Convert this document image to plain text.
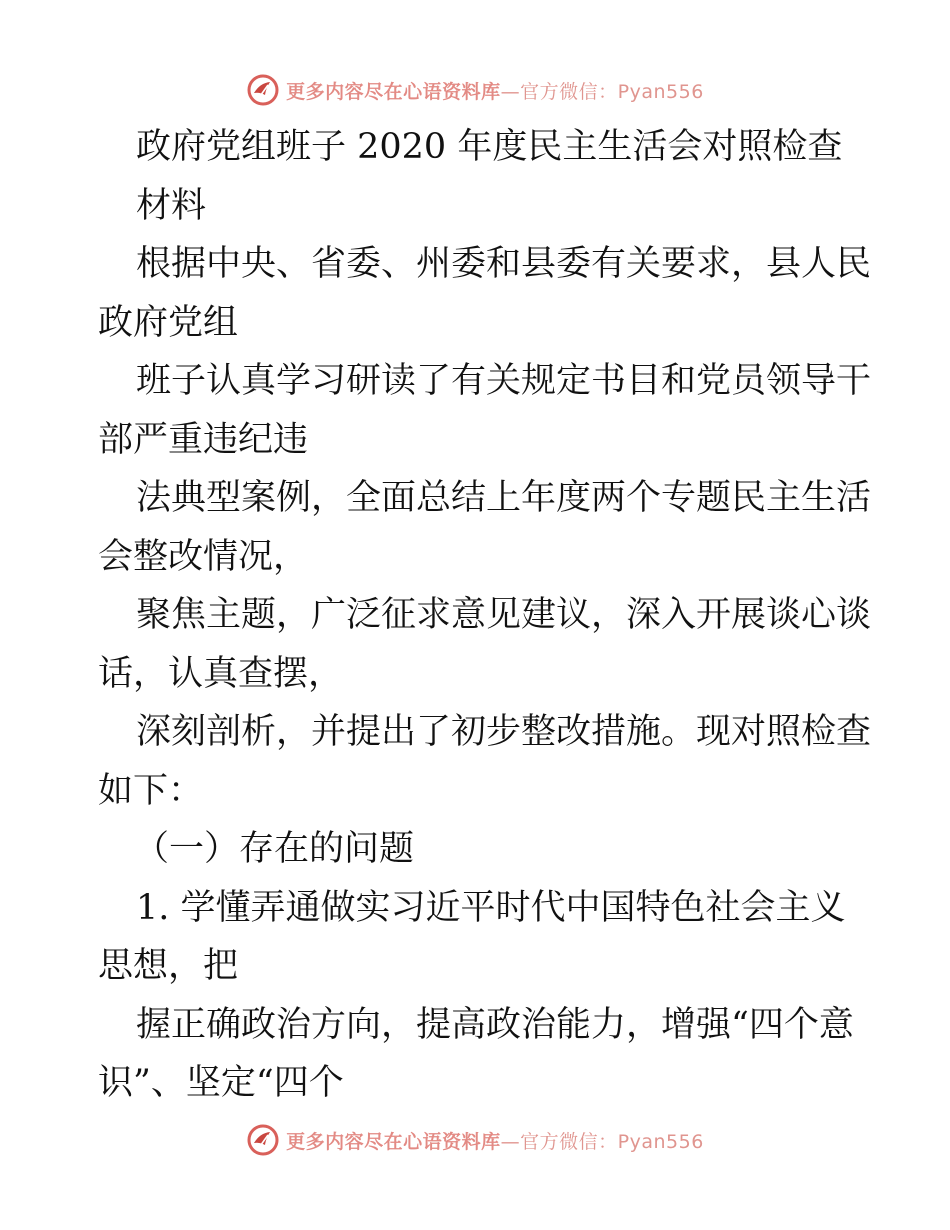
更多内容尽在心语资料库—官方微信：Pyan556
政府党组班子 2020 年度民主生活会对照检查
材料
根据中央、省委、州委和县委有关要求，县人民
政府党组
班子认真学习研读了有关规定书目和党员领导干
部严重违纪违
法典型案例，全面总结上年度两个专题民主生活
会整改情况，
聚焦主题，广泛征求意见建议，深入开展谈心谈
话，认真查摆，
深刻剖析，并提出了初步整改措施。现对照检查
如下：
（一）存在的问题
1. 学懂弄通做实习近平时代中国特色社会主义
思想，把
握正确政治方向，提高政治能力，增强“四个意
识”、坚定“四个
更多内容尽在心语资料库—官方微信：Pyan556
